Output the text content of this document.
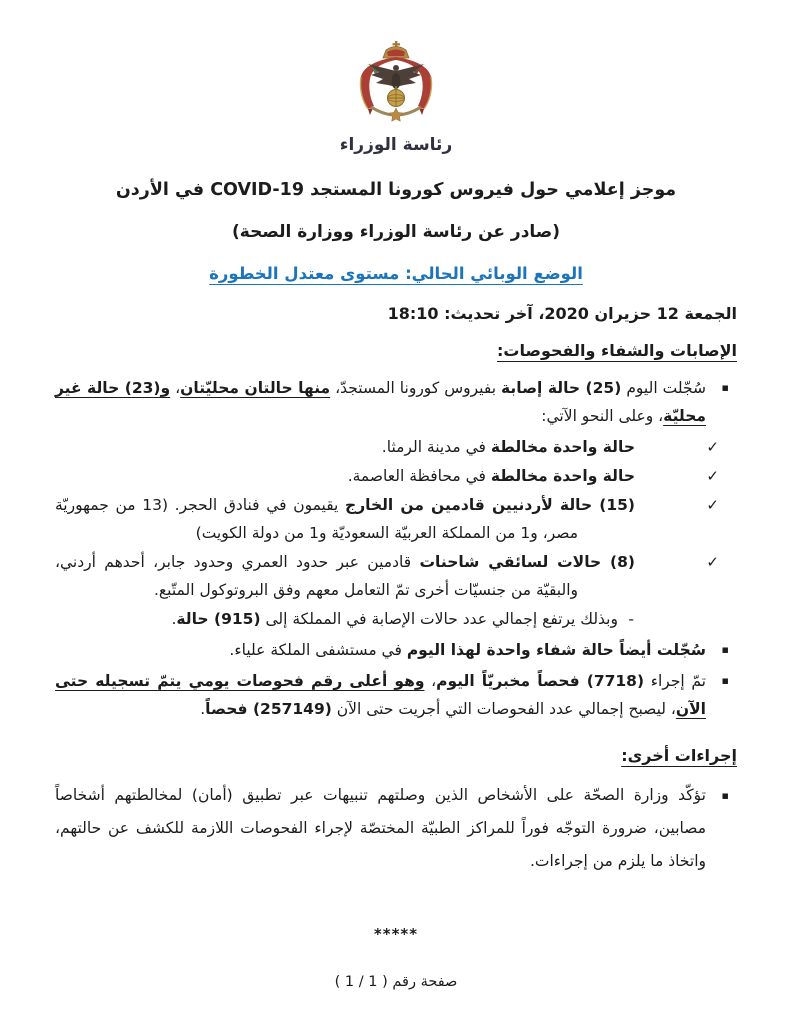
رئاسة الوزراء
موجز إعلامي حول فيروس كورونا المستجد COVID-19 في الأردن
(صادر عن رئاسة الوزراء ووزارة الصحة)
الوضع الوبائي الحالي: مستوى معتدل الخطورة
الجمعة 12 حزيران 2020، آخر تحديث: 18:10
الإصابات والشفاء والفحوصات:
▪
سُجّلت اليوم (25) حالة إصابة بفيروس كورونا المستجدّ، منها حالتان محليّتان، و(23) حالة غير محليّة، وعلى النحو الآتي:
✓
حالة واحدة مخالطة في مدينة الرمثا.
✓
حالة واحدة مخالطة في محافظة العاصمة.
✓
(15) حالة لأردنيين قادمين من الخارج يقيمون في فنادق الحجر. (13 من جمهوريّة مصر، و1 من المملكة العربيّة السعوديّة و1 من دولة الكويت)
✓
(8) حالات لسائقي شاحنات قادمين عبر حدود العمري وحدود جابر، أحدهم أردني، والبقيّة من جنسيّات أخرى تمّ التعامل معهم وفق البروتوكول المتّبع.
-
وبذلك يرتفع إجمالي عدد حالات الإصابة في المملكة إلى (915) حالة.
▪
سُجّلت أيضاً حالة شفاء واحدة لهذا اليوم في مستشفى الملكة علياء.
▪
تمّ إجراء (7718) فحصاً مخبريّاً اليوم، وهو أعلى رقم فحوصات يومي يتمّ تسجيله حتى الآن، ليصبح إجمالي عدد الفحوصات التي أجريت حتى الآن (257149) فحصاً.
إجراءات أخرى:
▪
تؤكّد وزارة الصحّة على الأشخاص الذين وصلتهم تنبيهات عبر تطبيق (أمان) لمخالطتهم أشخاصاً مصابين، ضرورة التوجّه فوراً للمراكز الطبيّة المختصّة لإجراء الفحوصات اللازمة للكشف عن حالتهم، واتخاذ ما يلزم من إجراءات.
*****
صفحة رقم ( 1 / 1 )
